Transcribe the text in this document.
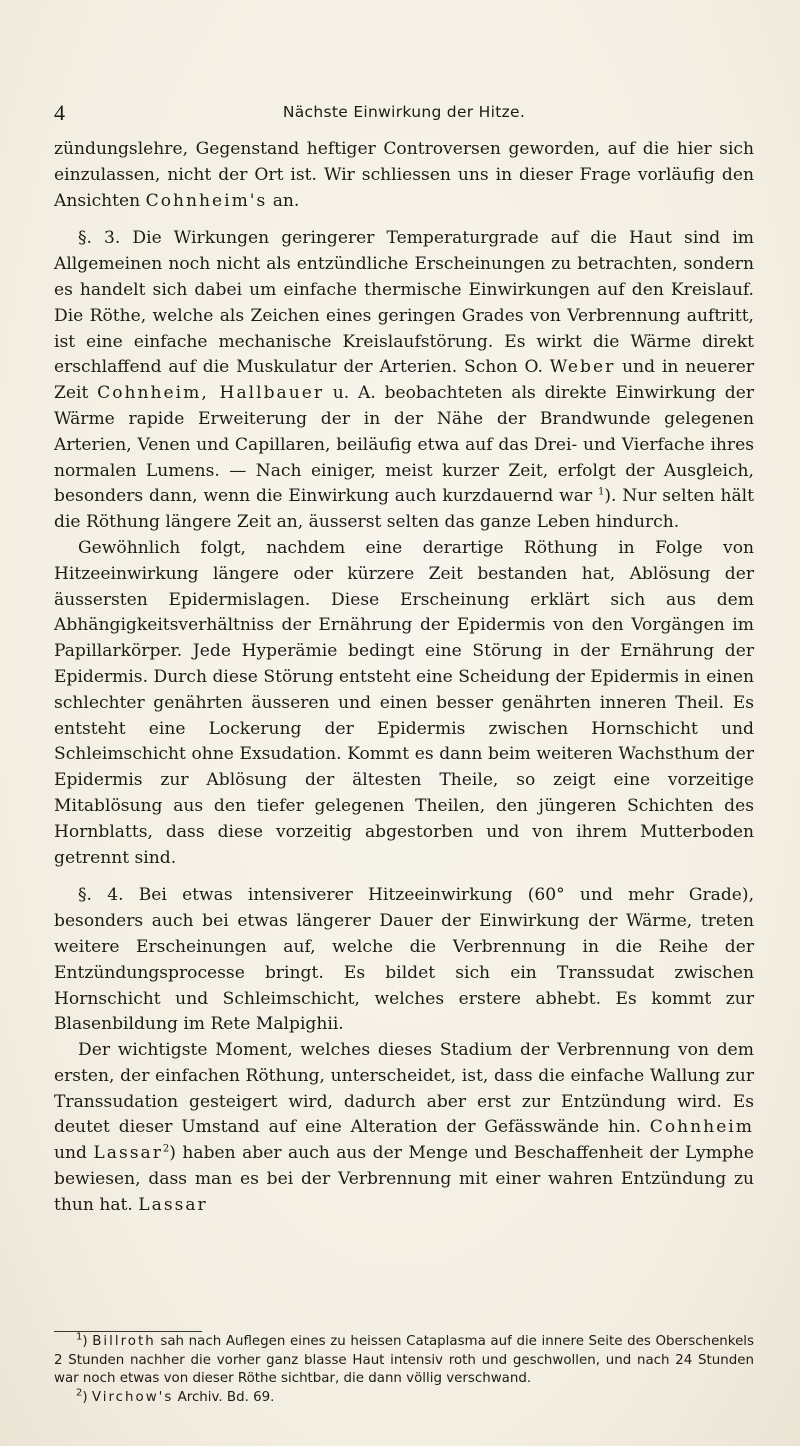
4	Nächste Einwirkung der Hitze.

zündungslehre, Gegenstand heftiger Controversen geworden, auf die hier sich einzulassen, nicht der Ort ist. Wir schliessen uns in dieser Frage vorläufig den Ansichten Cohnheim's an.

§. 3. Die Wirkungen geringerer Temperaturgrade auf die Haut sind im Allgemeinen noch nicht als entzündliche Erscheinungen zu betrachten, sondern es handelt sich dabei um einfache thermische Einwirkungen auf den Kreislauf. Die Röthe, welche als Zeichen eines geringen Grades von Verbrennung auftritt, ist eine einfache mechanische Kreislaufstörung. Es wirkt die Wärme direkt erschlaffend auf die Muskulatur der Arterien. Schon O. Weber und in neuerer Zeit Cohnheim, Hallbauer u. A. beobachteten als direkte Einwirkung der Wärme rapide Erweiterung der in der Nähe der Brandwunde gelegenen Arterien, Venen und Capillaren, beiläufig etwa auf das Drei- und Vierfache ihres normalen Lumens. — Nach einiger, meist kurzer Zeit, erfolgt der Ausgleich, besonders dann, wenn die Einwirkung auch kurzdauernd war $^1$). Nur selten hält die Röthung längere Zeit an, äusserst selten das ganze Leben hindurch.

Gewöhnlich folgt, nachdem eine derartige Röthung in Folge von Hitzeeinwirkung längere oder kürzere Zeit bestanden hat, Ablösung der äussersten Epidermislagen. Diese Erscheinung erklärt sich aus dem Abhängigkeitsverhältniss der Ernährung der Epidermis von den Vorgängen im Papillarkörper. Jede Hyperämie bedingt eine Störung in der Ernährung der Epidermis. Durch diese Störung entsteht eine Scheidung der Epidermis in einen schlechter genährten äusseren und einen besser genährten inneren Theil. Es entsteht eine Lockerung der Epidermis zwischen Hornschicht und Schleimschicht ohne Exsudation. Kommt es dann beim weiteren Wachsthum der Epidermis zur Ablösung der ältesten Theile, so zeigt eine vorzeitige Mitablösung aus den tiefer gelegenen Theilen, den jüngeren Schichten des Hornblatts, dass diese vorzeitig abgestorben und von ihrem Mutterboden getrennt sind.

§. 4. Bei etwas intensiverer Hitzeeinwirkung (60° und mehr Grade), besonders auch bei etwas längerer Dauer der Einwirkung der Wärme, treten weitere Erscheinungen auf, welche die Verbrennung in die Reihe der Entzündungsprocesse bringt. Es bildet sich ein Transsudat zwischen Hornschicht und Schleimschicht, welches erstere abhebt. Es kommt zur Blasenbildung im Rete Malpighii.

Der wichtigste Moment, welches dieses Stadium der Verbrennung von dem ersten, der einfachen Röthung, unterscheidet, ist, dass die einfache Wallung zur Transsudation gesteigert wird, dadurch aber erst zur Entzündung wird. Es deutet dieser Umstand auf eine Alteration der Gefässwände hin. Cohnheim und Lassar$^2$) haben aber auch aus der Menge und Beschaffenheit der Lymphe bewiesen, dass man es bei der Verbrennung mit einer wahren Entzündung zu thun hat. Lassar

$^1$) Billroth sah nach Auflegen eines zu heissen Cataplasma auf die innere Seite des Oberschenkels 2 Stunden nachher die vorher ganz blasse Haut intensiv roth und geschwollen, und nach 24 Stunden war noch etwas von dieser Röthe sichtbar, die dann völlig verschwand.

$^2$) Virchow's Archiv. Bd. 69.
